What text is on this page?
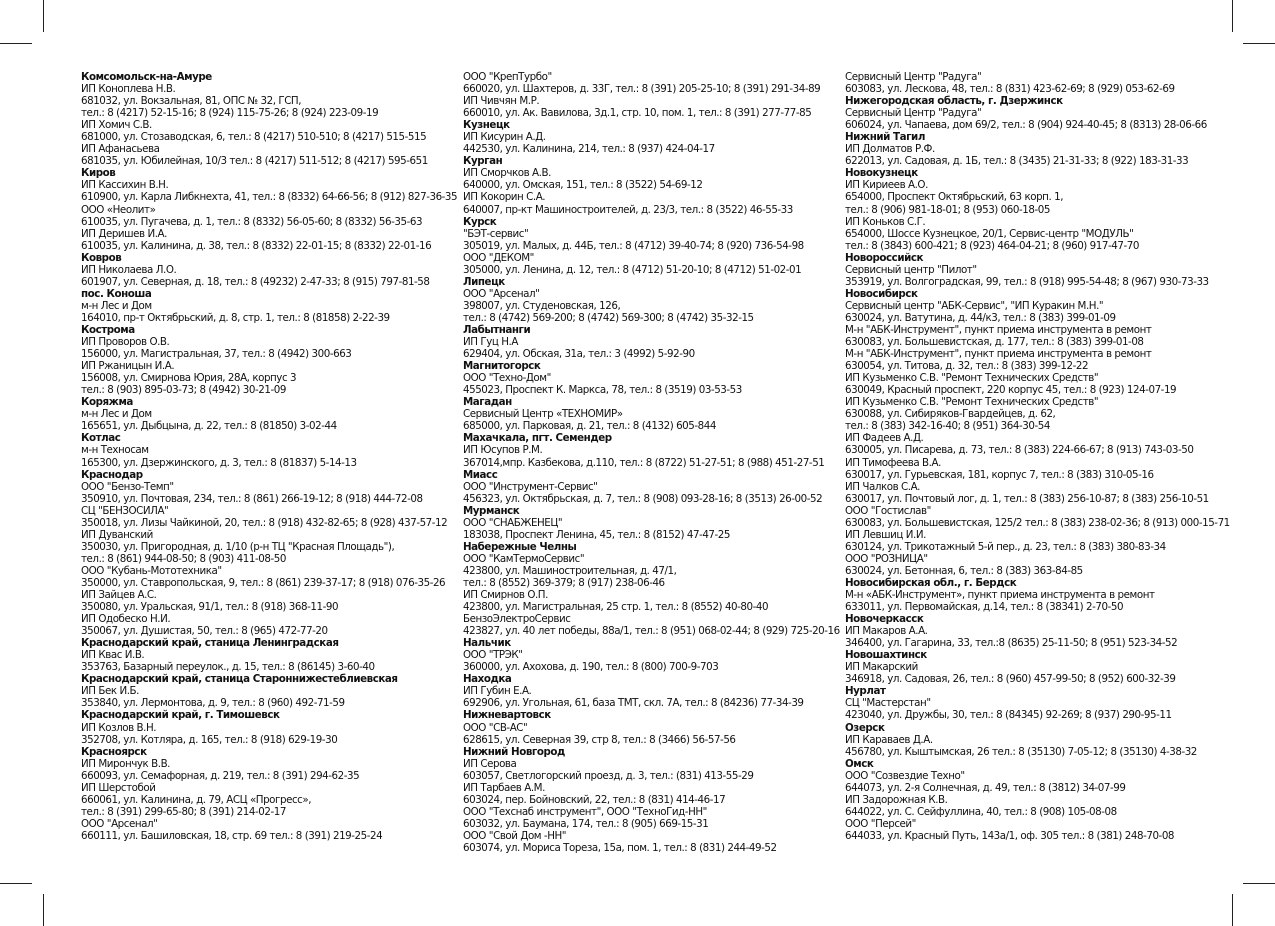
Комсомольск-на-Амуре
ИП Коноплева Н.В.
681032, ул. Вокзальная, 81, ОПС № 32, ГСП,
тел.: 8 (4217) 52-15-16; 8 (924) 115-75-26; 8 (924) 223-09-19
ИП Хомич С.В.
681000, ул. Стозаводская, 6, тел.: 8 (4217) 510-510; 8 (4217) 515-515
ИП Афанасьева
681035, ул. Юбилейная, 10/3 тел.: 8 (4217) 511-512; 8 (4217) 595-651
Киров
ИП Кассихин В.Н.
610900, ул. Карла Либкнехта, 41, тел.: 8 (8332) 64-66-56; 8 (912) 827-36-35
ООО «Неолит»
610035, ул. Пугачева, д. 1, тел.: 8 (8332) 56-05-60; 8 (8332) 56-35-63
ИП Деришев И.А.
610035, ул. Калинина, д. 38, тел.: 8 (8332) 22-01-15; 8 (8332) 22-01-16
Ковров
ИП Николаева Л.О.
601907, ул. Северная, д. 18, тел.: 8 (49232) 2-47-33; 8 (915) 797-81-58
пос. Коноша
м-н Лес и Дом
164010, пр-т Октябрьский, д. 8, стр. 1, тел.: 8 (81858) 2-22-39
Кострома
ИП Проворов О.В.
156000, ул. Магистральная, 37, тел.: 8 (4942) 300-663
ИП Ржаницын И.А.
156008, ул. Смирнова Юрия, 28А, корпус 3
тел.: 8 (903) 895-03-73; 8 (4942) 30-21-09
Коряжма
м-н Лес и Дом
165651, ул. Дыбцына, д. 22, тел.: 8 (81850) 3-02-44
Котлас
м-н Техносам
165300, ул. Дзержинского, д. 3, тел.: 8 (81837) 5-14-13
Краснодар
ООО "Бензо-Темп"
350910, ул. Почтовая, 234, тел.: 8 (861) 266-19-12; 8 (918) 444-72-08
СЦ "БЕНЗОСИЛА"
350018, ул. Лизы Чайкиной, 20, тел.: 8 (918) 432-82-65; 8 (928) 437-57-12
ИП Дуванский
350030, ул. Пригородная, д. 1/10 (р-н ТЦ "Красная Площадь"),
тел.: 8 (861) 944-08-50; 8 (903) 411-08-50
ООО "Кубань-Мототехника"
350000, ул. Ставропольская, 9, тел.: 8 (861) 239-37-17; 8 (918) 076-35-26
ИП Зайцев А.С.
350080, ул. Уральская, 91/1, тел.: 8 (918) 368-11-90
ИП Одобеско Н.И.
350067, ул. Душистая, 50, тел.: 8 (965) 472-77-20
Краснодарский край, станица Ленинградская
ИП Квас И.В.
353763, Базарный переулок., д. 15, тел.: 8 (86145) 3-60-40
Краснодарский край, станица Староннижестеблиевская
ИП Бек И.Б.
353840, ул. Лермонтова, д. 9, тел.: 8 (960) 492-71-59
Краснодарский край, г. Тимошевск
ИП Козлов В.Н.
352708, ул. Котляра, д. 165, тел.: 8 (918) 629-19-30
Красноярск
ИП Мирончук В.В.
660093, ул. Семафорная, д. 219, тел.: 8 (391) 294-62-35
ИП Шерстобой
660061, ул. Калинина, д. 79, АСЦ «Прогресс»,
тел.: 8 (391) 299-65-80; 8 (391) 214-02-17
ООО "Арсенал"
660111, ул. Башиловская, 18, стр. 69 тел.: 8 (391) 219-25-24
ООО "КрепТурбо"
660020, ул. Шахтеров, д. 33Г, тел.: 8 (391) 205-25-10; 8 (391) 291-34-89
ИП Чивчян М.Р.
660010, ул. Ак. Вавилова, 3д.1, стр. 10, пом. 1, тел.: 8 (391) 277-77-85
Кузнецк
ИП Кисурин А.Д.
442530, ул. Калинина, 214, тел.: 8 (937) 424-04-17
Курган
ИП Сморчков А.В.
640000, ул. Омская, 151, тел.: 8 (3522) 54-69-12
ИП Кокорин С.А.
640007, пр-кт Машиностроителей, д. 23/3, тел.: 8 (3522) 46-55-33
Курск
"БЭТ-сервис"
305019, ул. Малых, д. 44Б, тел.: 8 (4712) 39-40-74; 8 (920) 736-54-98
ООО "ДЕКОМ"
305000, ул. Ленина, д. 12, тел.: 8 (4712) 51-20-10; 8 (4712) 51-02-01
Липецк
ООО "Арсенал"
398007, ул. Студеновская, 126,
тел.: 8 (4742) 569-200; 8 (4742) 569-300; 8 (4742) 35-32-15
Лабытнанги
ИП Гуц Н.А
629404, ул. Обская, 31а, тел.: 3 (4992) 5-92-90
Магнитогорск
ООО "Техно-Дом"
455023, Проспект К. Маркса, 78, тел.: 8 (3519) 03-53-53
Магадан
Сервисный Центр «ТЕХНОМИР»
685000, ул. Парковая, д. 21, тел.: 8 (4132) 605-844
Махачкала, пгт. Семендер
ИП Юсупов Р.М.
367014,мпр. Казбекова, д.110, тел.: 8 (8722) 51-27-51; 8 (988) 451-27-51
Миасс
ООО "Инструмент-Сервис"
456323, ул. Октябрьская, д. 7, тел.: 8 (908) 093-28-16; 8 (3513) 26-00-52
Мурманск
ООО "СНАБЖЕНЕЦ"
183038, Проспект Ленина, 45, тел.: 8 (8152) 47-47-25
Набережные Челны
ООО "КамТермоСервис"
423800, ул. Машиностроительная, д. 47/1,
тел.: 8 (8552) 369-379; 8 (917) 238-06-46
ИП Смирнов О.П.
423800, ул. Магистральная, 25 стр. 1, тел.: 8 (8552) 40-80-40
БензоЭлектроСервис
423827, ул. 40 лет победы, 88а/1, тел.: 8 (951) 068-02-44; 8 (929) 725-20-16
Нальчик
ООО "ТРЭК"
360000, ул. Ахохова, д. 190, тел.: 8 (800) 700-9-703
Находка
ИП Губин Е.А.
692906, ул. Угольная, 61, база ТМТ, скл. 7А, тел.: 8 (84236) 77-34-39
Нижневартовск
ООО "СВ-АС"
628615, ул. Северная 39, стр 8, тел.: 8 (3466) 56-57-56
Нижний Новгород
ИП Серова
603057, Светлогорский проезд, д. 3, тел.: (831) 413-55-29
ИП Тарбаев А.М.
603024, пер. Бойновский, 22, тел.: 8 (831) 414-46-17
ООО "Техснаб инструмент", ООО "ТехноГид-НН"
603032, ул. Баумана, 174, тел.: 8 (905) 669-15-31
ООО "Свой Дом -НН"
603074, ул. Мориса Тореза, 15а, пом. 1, тел.: 8 (831) 244-49-52
Сервисный Центр "Радуга"
603083, ул. Лескова, 48, тел.: 8 (831) 423-62-69; 8 (929) 053-62-69
Нижегородская область, г. Дзержинск
Сервисный Центр "Радуга"
606024, ул. Чапаева, дом 69/2, тел.: 8 (904) 924-40-45; 8 (8313) 28-06-66
Нижний Тагил
ИП Долматов Р.Ф.
622013, ул. Садовая, д. 1Б, тел.: 8 (3435) 21-31-33; 8 (922) 183-31-33
Новокузнецк
ИП Кириеев А.О.
654000, Проспект Октябрьский, 63 корп. 1,
тел.: 8 (906) 981-18-01; 8 (953) 060-18-05
ИП Коньков С.Г.
654000, Шоссе Кузнецкое, 20/1, Сервис-центр "МОДУЛЬ"
тел.: 8 (3843) 600-421; 8 (923) 464-04-21; 8 (960) 917-47-70
Новороссийск
Сервисный центр "Пилот"
353919, ул. Волгоградская, 99, тел.: 8 (918) 995-54-48; 8 (967) 930-73-33
Новосибирск
Сервисный центр "АБК-Сервис", "ИП Куракин М.Н."
630024, ул. Ватутина, д. 44/к3, тел.: 8 (383) 399-01-09
М-н "АБК-Инструмент", пункт приема инструмента в ремонт
630083, ул. Большевистская, д. 177, тел.: 8 (383) 399-01-08
М-н "АБК-Инструмент", пункт приема инструмента в ремонт
630054, ул. Титова, д. 32, тел.: 8 (383) 399-12-22
ИП Кузьменко С.В. "Ремонт Технических Средств"
630049, Красный проспект, 220 корпус 45, тел.: 8 (923) 124-07-19
ИП Кузьменко С.В. "Ремонт Технических Средств"
630088, ул. Сибиряков-Гвардейцев, д. 62,
тел.: 8 (383) 342-16-40; 8 (951) 364-30-54
ИП Фадеев А.Д.
630005, ул. Писарева, д. 73, тел.: 8 (383) 224-66-67; 8 (913) 743-03-50
ИП Тимофеева В.А.
630017, ул. Гурьевская, 181, корпус 7, тел.: 8 (383) 310-05-16
ИП Чалков С.А.
630017, ул. Почтовый лог, д. 1, тел.: 8 (383) 256-10-87; 8 (383) 256-10-51
ООО "Гостислав"
630083, ул. Большевистская, 125/2 тел.: 8 (383) 238-02-36; 8 (913) 000-15-71
ИП Левшиц И.И.
630124, ул. Трикотажный 5-й пер., д. 23, тел.: 8 (383) 380-83-34
ООО "РОЗНИЦА"
630024, ул. Бетонная, 6, тел.: 8 (383) 363-84-85
Новосибирская обл., г. Бердск
М-н «АБК-Инструмент», пункт приема инструмента в ремонт
633011, ул. Первомайская, д.14, тел.: 8 (38341) 2-70-50
Новочеркасск
ИП Макаров А.А.
346400, ул. Гагарина, 33, тел.:8 (8635) 25-11-50; 8 (951) 523-34-52
Новошахтинск
ИП Макарский
346918, ул. Садовая, 26, тел.: 8 (960) 457-99-50; 8 (952) 600-32-39
Нурлат
СЦ "Мастерстан"
423040, ул. Дружбы, 30, тел.: 8 (84345) 92-269; 8 (937) 290-95-11
Озерск
ИП Караваев Д.А.
456780, ул. Кыштымская, 26 тел.: 8 (35130) 7-05-12; 8 (35130) 4-38-32
Омск
ООО "Созвездие Техно"
644073, ул. 2-я Солнечная, д. 49, тел.: 8 (3812) 34-07-99
ИП Задорожная К.В.
644022, ул. С. Сейфуллина, 40, тел.: 8 (908) 105-08-08
ООО "Персей"
644033, ул. Красный Путь, 143а/1, оф. 305 тел.: 8 (381) 248-70-08
